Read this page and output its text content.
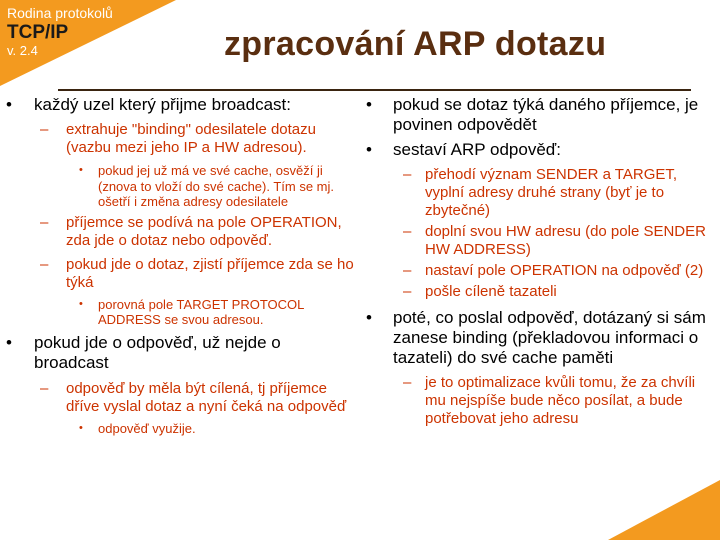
Rodina protokolů
TCP/IP
v. 2.4	zpracování ARP dotazu
• každý uzel který přijme broadcast:
– extrahuje "binding" odesilatele dotazu (vazbu mezi jeho IP a HW adresou).
• pokud jej už má ve své cache, osvěží ji (znova to vloží do své cache). Tím se mj. ošetří i změna adresy odesilatele
– příjemce se podívá na pole OPERATION, zda jde o dotaz nebo odpověď.
– pokud jde o dotaz, zjistí příjemce zda se ho týká
• porovná pole TARGET PROTOCOL ADDRESS se svou adresou.
• pokud jde o odpověď, už nejde o broadcast
– odpověď by měla být cílená, tj příjemce dříve vyslal dotaz a nyní čeká na odpověď
• odpověď využije.
• pokud se dotaz týká daného příjemce, je povinen odpovědět
• sestaví ARP odpověď:
– přehodí význam SENDER a TARGET, vyplní adresy druhé strany (byť je to zbytečné)
– doplní svou HW adresu (do pole SENDER HW ADDRESS)
– nastaví pole OPERATION na odpověď (2)
– pošle cíleně tazateli
• poté, co poslal odpověď, dotázaný si sám zanese binding (překladovou informaci o tazateli) do své cache paměti
– je to optimalizace kvůli tomu, že za chvíli mu nejspíše bude něco posílat, a bude potřebovat jeho adresu
